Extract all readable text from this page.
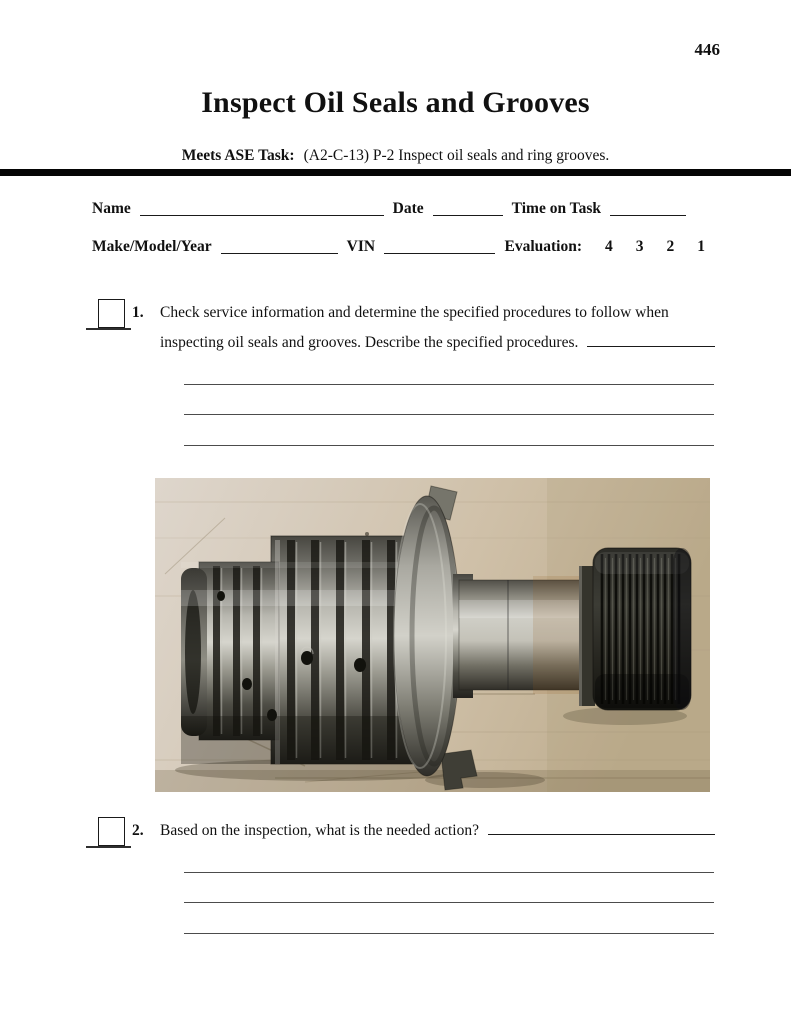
446
Inspect Oil Seals and Grooves
Meets ASE Task: (A2-C-13) P-2 Inspect oil seals and ring grooves.
Name	Date	Time on Task
Make/Model/Year	VIN	Evaluation: 4 3 2 1
1.	Check service information and determine the specified procedures to follow when
inspecting oil seals and grooves. Describe the specified procedures.
2.	Based on the inspection, what is the needed action?
